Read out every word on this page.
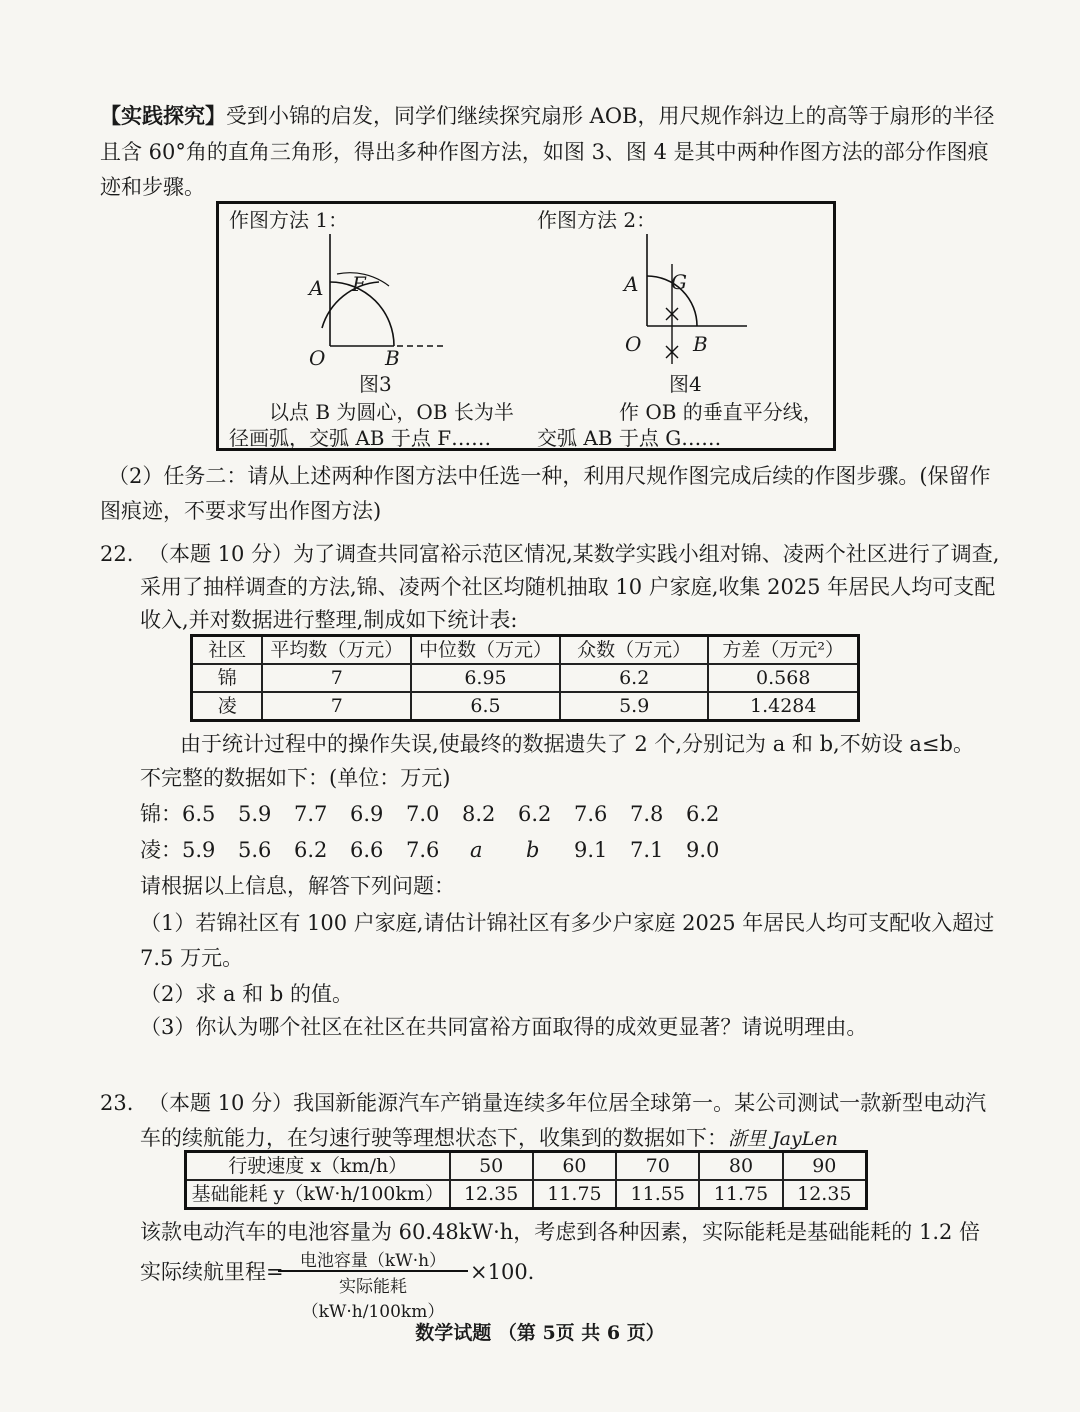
【实践探究】受到小锦的启发，同学们继续探究扇形 AOB，用尺规作斜边上的高等于扇形的半径
且含 60°角的直角三角形，得出多种作图方法，如图 3、图 4 是其中两种作图方法的部分作图痕
迹和步骤。
作图方法 1：	作图方法 2：
A F
O	B
图3
A G
O	B
图4
以点 B 为圆心，OB 长为半
径画弧，交弧 AB 于点 F……
作 OB 的垂直平分线，
交弧 AB 于点 G……
（2）任务二：请从上述两种作图方法中任选一种，利用尺规作图完成后续的作图步骤。(保留作
图痕迹，不要求写出作图方法)
22. （本题 10 分）为了调查共同富裕示范区情况,某数学实践小组对锦、凌两个社区进行了调查,
采用了抽样调查的方法,锦、凌两个社区均随机抽取 10 户家庭,收集 2025 年居民人均可支配
收入,并对数据进行整理,制成如下统计表:
社区	平均数（万元）	中位数（万元）	众数（万元）	方差（万元²）
锦	7	6.95	6.2	0.568
凌	7	6.5	5.9	1.4284
由于统计过程中的操作失误,使最终的数据遗失了 2 个,分别记为 a 和 b,不妨设 a≤b。
不完整的数据如下：(单位：万元)
锦： 6.5 5.9 7.7 6.9 7.0 8.2 6.2 7.6 7.8 6.2
凌： 5.9 5.6 6.2 6.6 7.6 a b 9.1 7.1 9.0
请根据以上信息，解答下列问题：
（1）若锦社区有 100 户家庭,请估计锦社区有多少户家庭 2025 年居民人均可支配收入超过
7.5 万元。
（2）求 a 和 b 的值。
（3）你认为哪个社区在社区在共同富裕方面取得的成效更显著？请说明理由。
23. （本题 10 分）我国新能源汽车产销量连续多年位居全球第一。某公司测试一款新型电动汽
车的续航能力，在匀速行驶等理想状态下，收集到的数据如下：浙里 JayLen
行驶速度 x（km/h）	50	60	70	80	90
基础能耗 y（kW·h/100km）	12.35	11.75	11.55	11.75	12.35
该款电动汽车的电池容量为 60.48kW·h，考虑到各种因素，实际能耗是基础能耗的 1.2 倍
实际续航里程= 电池容量（kW·h）
实际能耗（kW·h/100km）
×100.
数学试题 （第 5页 共 6 页）
